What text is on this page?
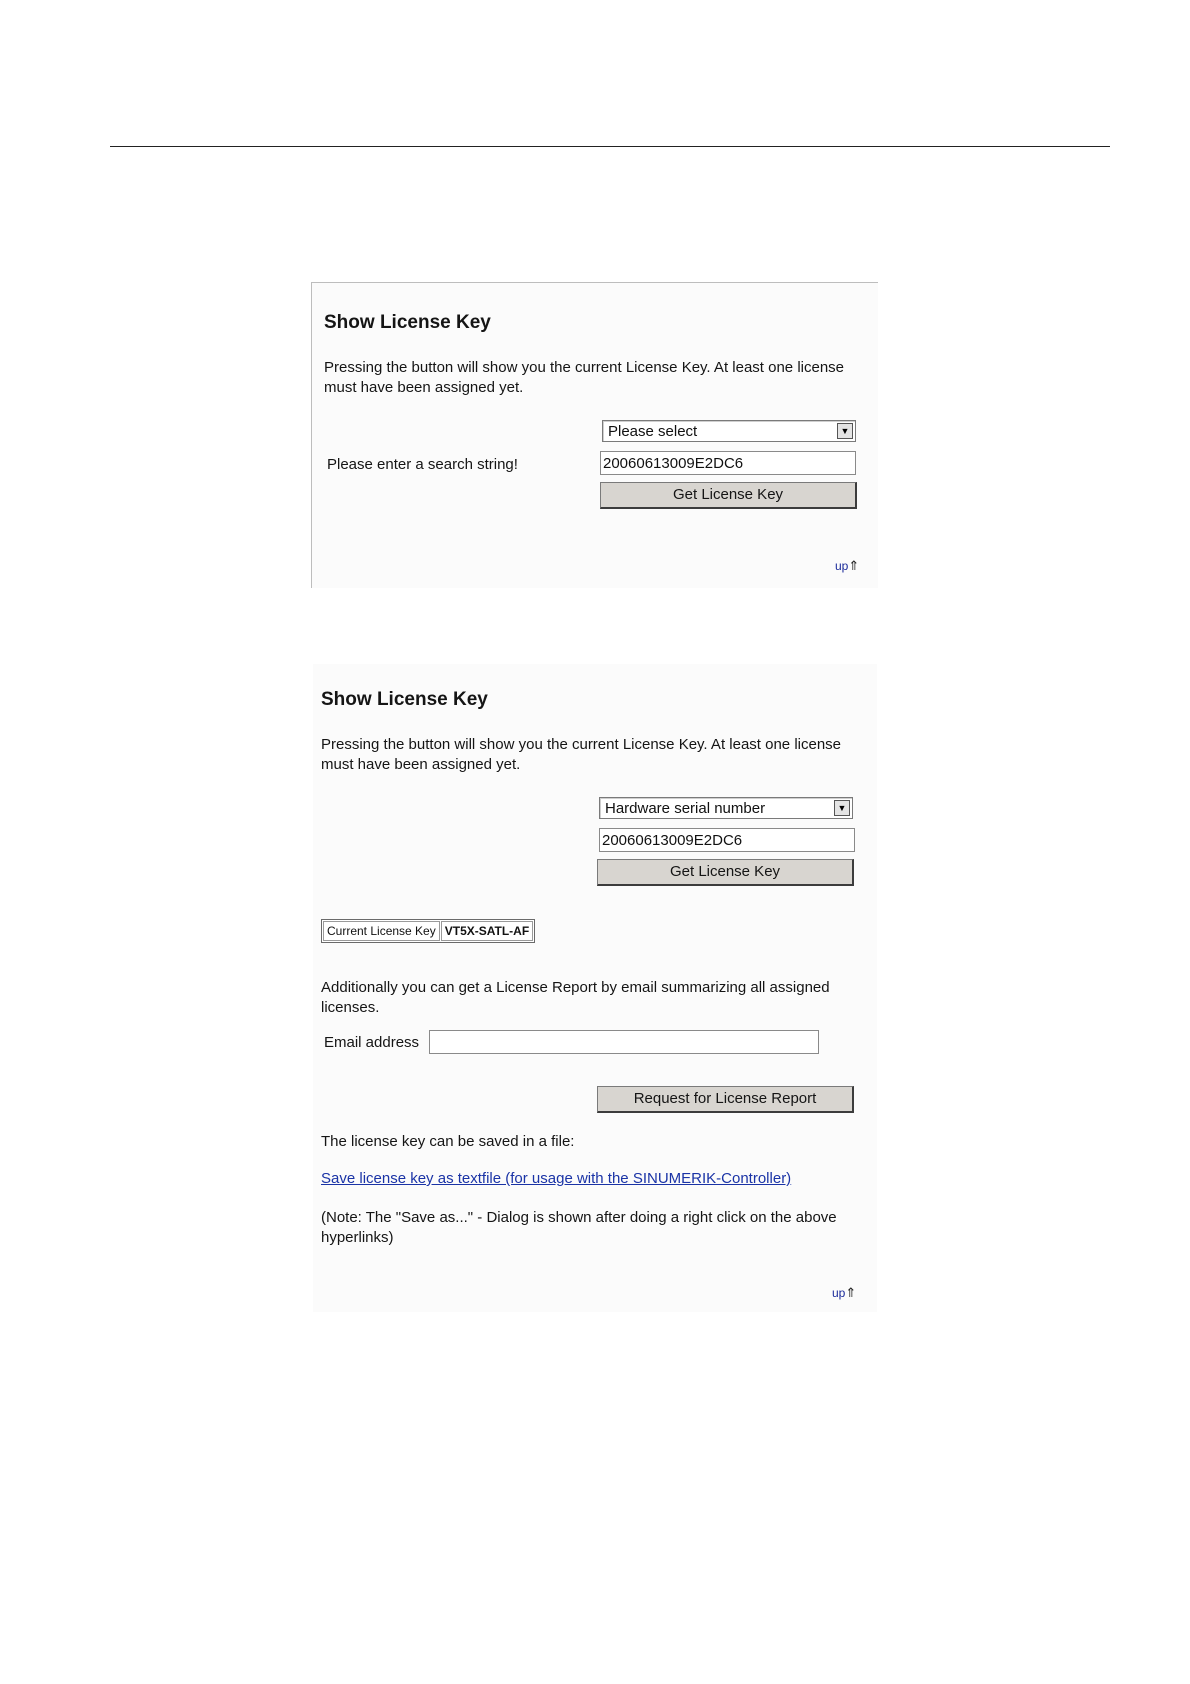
Show License Key
Pressing the button will show you the current License Key. At least one license must have been assigned yet.
Please select	▼
Please enter a search string!
20060613009E2DC6
Get License Key
up⇑
Show License Key
Pressing the button will show you the current License Key. At least one license must have been assigned yet.
Hardware serial number	▼
20060613009E2DC6
Get License Key
Current License Key	VT5X-SATL-AF
Additionally you can get a License Report by email summarizing all assigned licenses.
Email address
Request for License Report
The license key can be saved in a file:
Save license key as textfile (for usage with the SINUMERIK-Controller)
(Note: The "Save as..." - Dialog is shown after doing a right click on the above hyperlinks)
up⇑
